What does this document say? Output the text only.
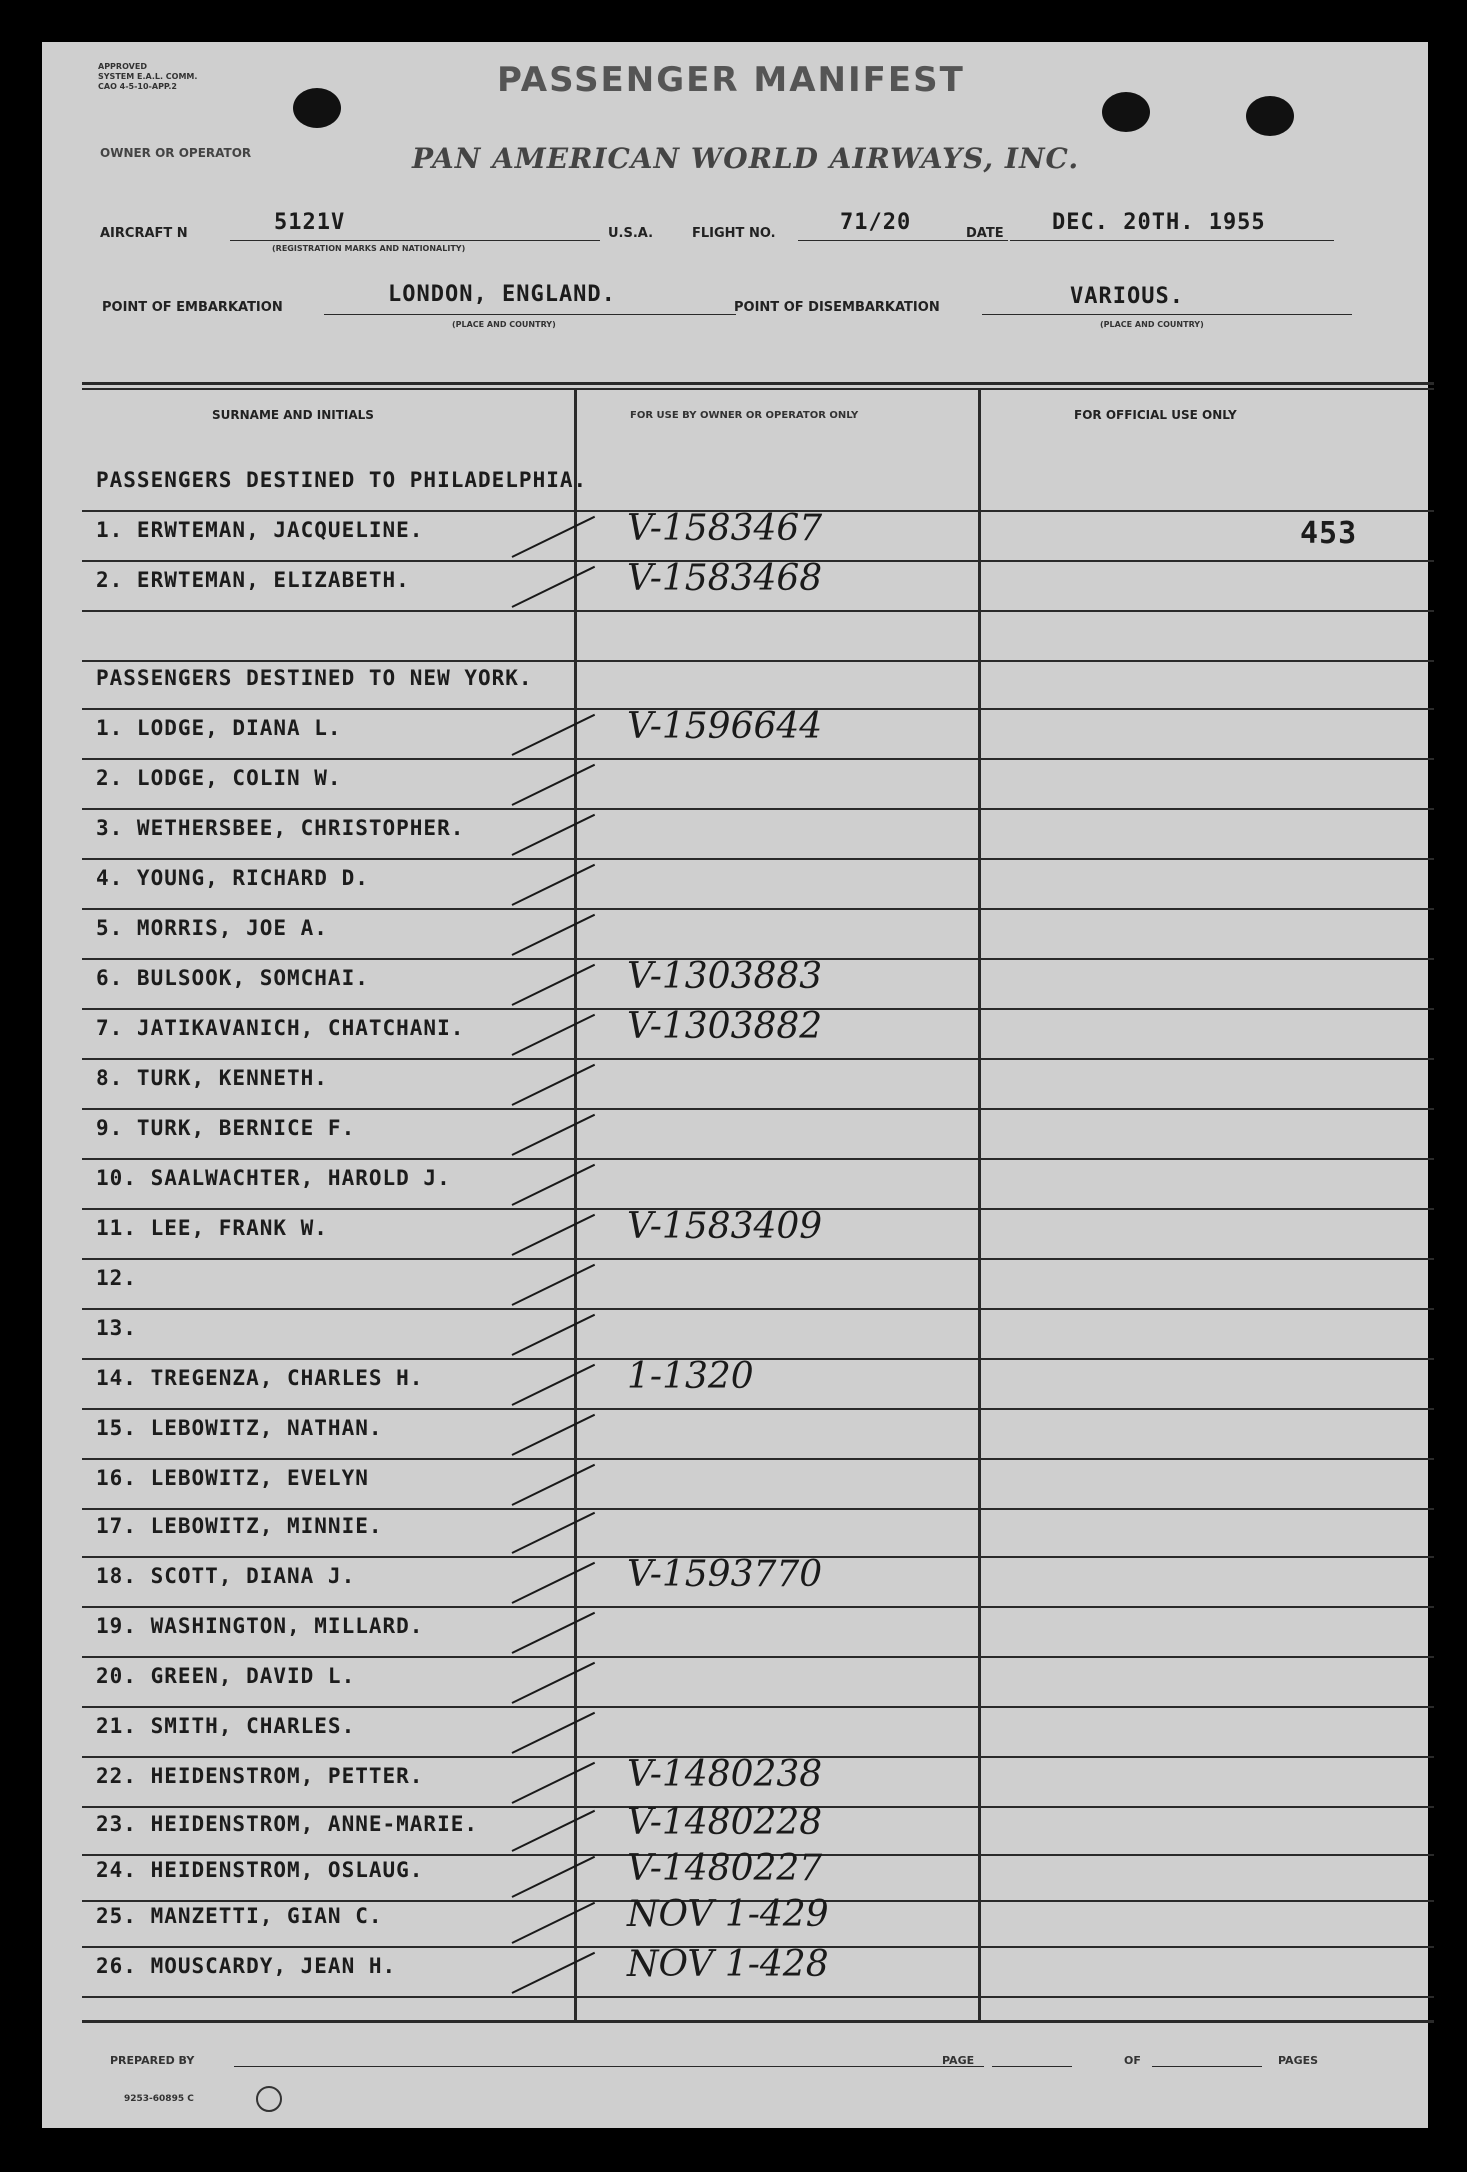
APPROVED
SYSTEM E.A.L. COMM.
CAO 4-5-10-APP.2	PASSENGER MANIFEST
OWNER OR OPERATOR	PAN AMERICAN WORLD AIRWAYS, INC.
AIRCRAFT N	5121V
(REGISTRATION MARKS AND NATIONALITY)
U.S.A.	FLIGHT NO.	71/20	DATE DEC. 20TH. 1955
POINT OF EMBARKATION
LONDON, ENGLAND.
(PLACE AND COUNTRY)
POINT OF DISEMBARKATION	VARIOUS.
(PLACE AND COUNTRY)
SURNAME AND INITIALS	FOR USE BY OWNER OR OPERATOR ONLY	FOR OFFICIAL USE ONLY
PASSENGERS DESTINED TO PHILADELPHIA.
1. ERWTEMAN, JACQUELINE.	V-1583467	453
2. ERWTEMAN, ELIZABETH.	V-1583468
PASSENGERS DESTINED TO NEW YORK.
1. LODGE, DIANA L.	V-1596644
2. LODGE, COLIN W.
3. WETHERSBEE, CHRISTOPHER.
4. YOUNG, RICHARD D.
5. MORRIS, JOE A.
6. BULSOOK, SOMCHAI.	V-1303883
7. JATIKAVANICH, CHATCHANI.	V-1303882
8. TURK, KENNETH.
9. TURK, BERNICE F.
10. SAALWACHTER, HAROLD J.
11. LEE, FRANK W.	V-1583409
12.
13.
14. TREGENZA, CHARLES H.	1-1320
15. LEBOWITZ, NATHAN.
16. LEBOWITZ, EVELYN
17. LEBOWITZ, MINNIE.
18. SCOTT, DIANA J.	V-1593770
19. WASHINGTON, MILLARD.
20. GREEN, DAVID L.
21. SMITH, CHARLES.
22. HEIDENSTROM, PETTER.	V-1480238
23. HEIDENSTROM, ANNE-MARIE.	V-1480228
24. HEIDENSTROM, OSLAUG.	V-1480227
25. MANZETTI, GIAN C.	NOV 1-429
26. MOUSCARDY, JEAN H.	NOV 1-428
PREPARED BY	PAGE	OF	PAGES
9253-60895 C
